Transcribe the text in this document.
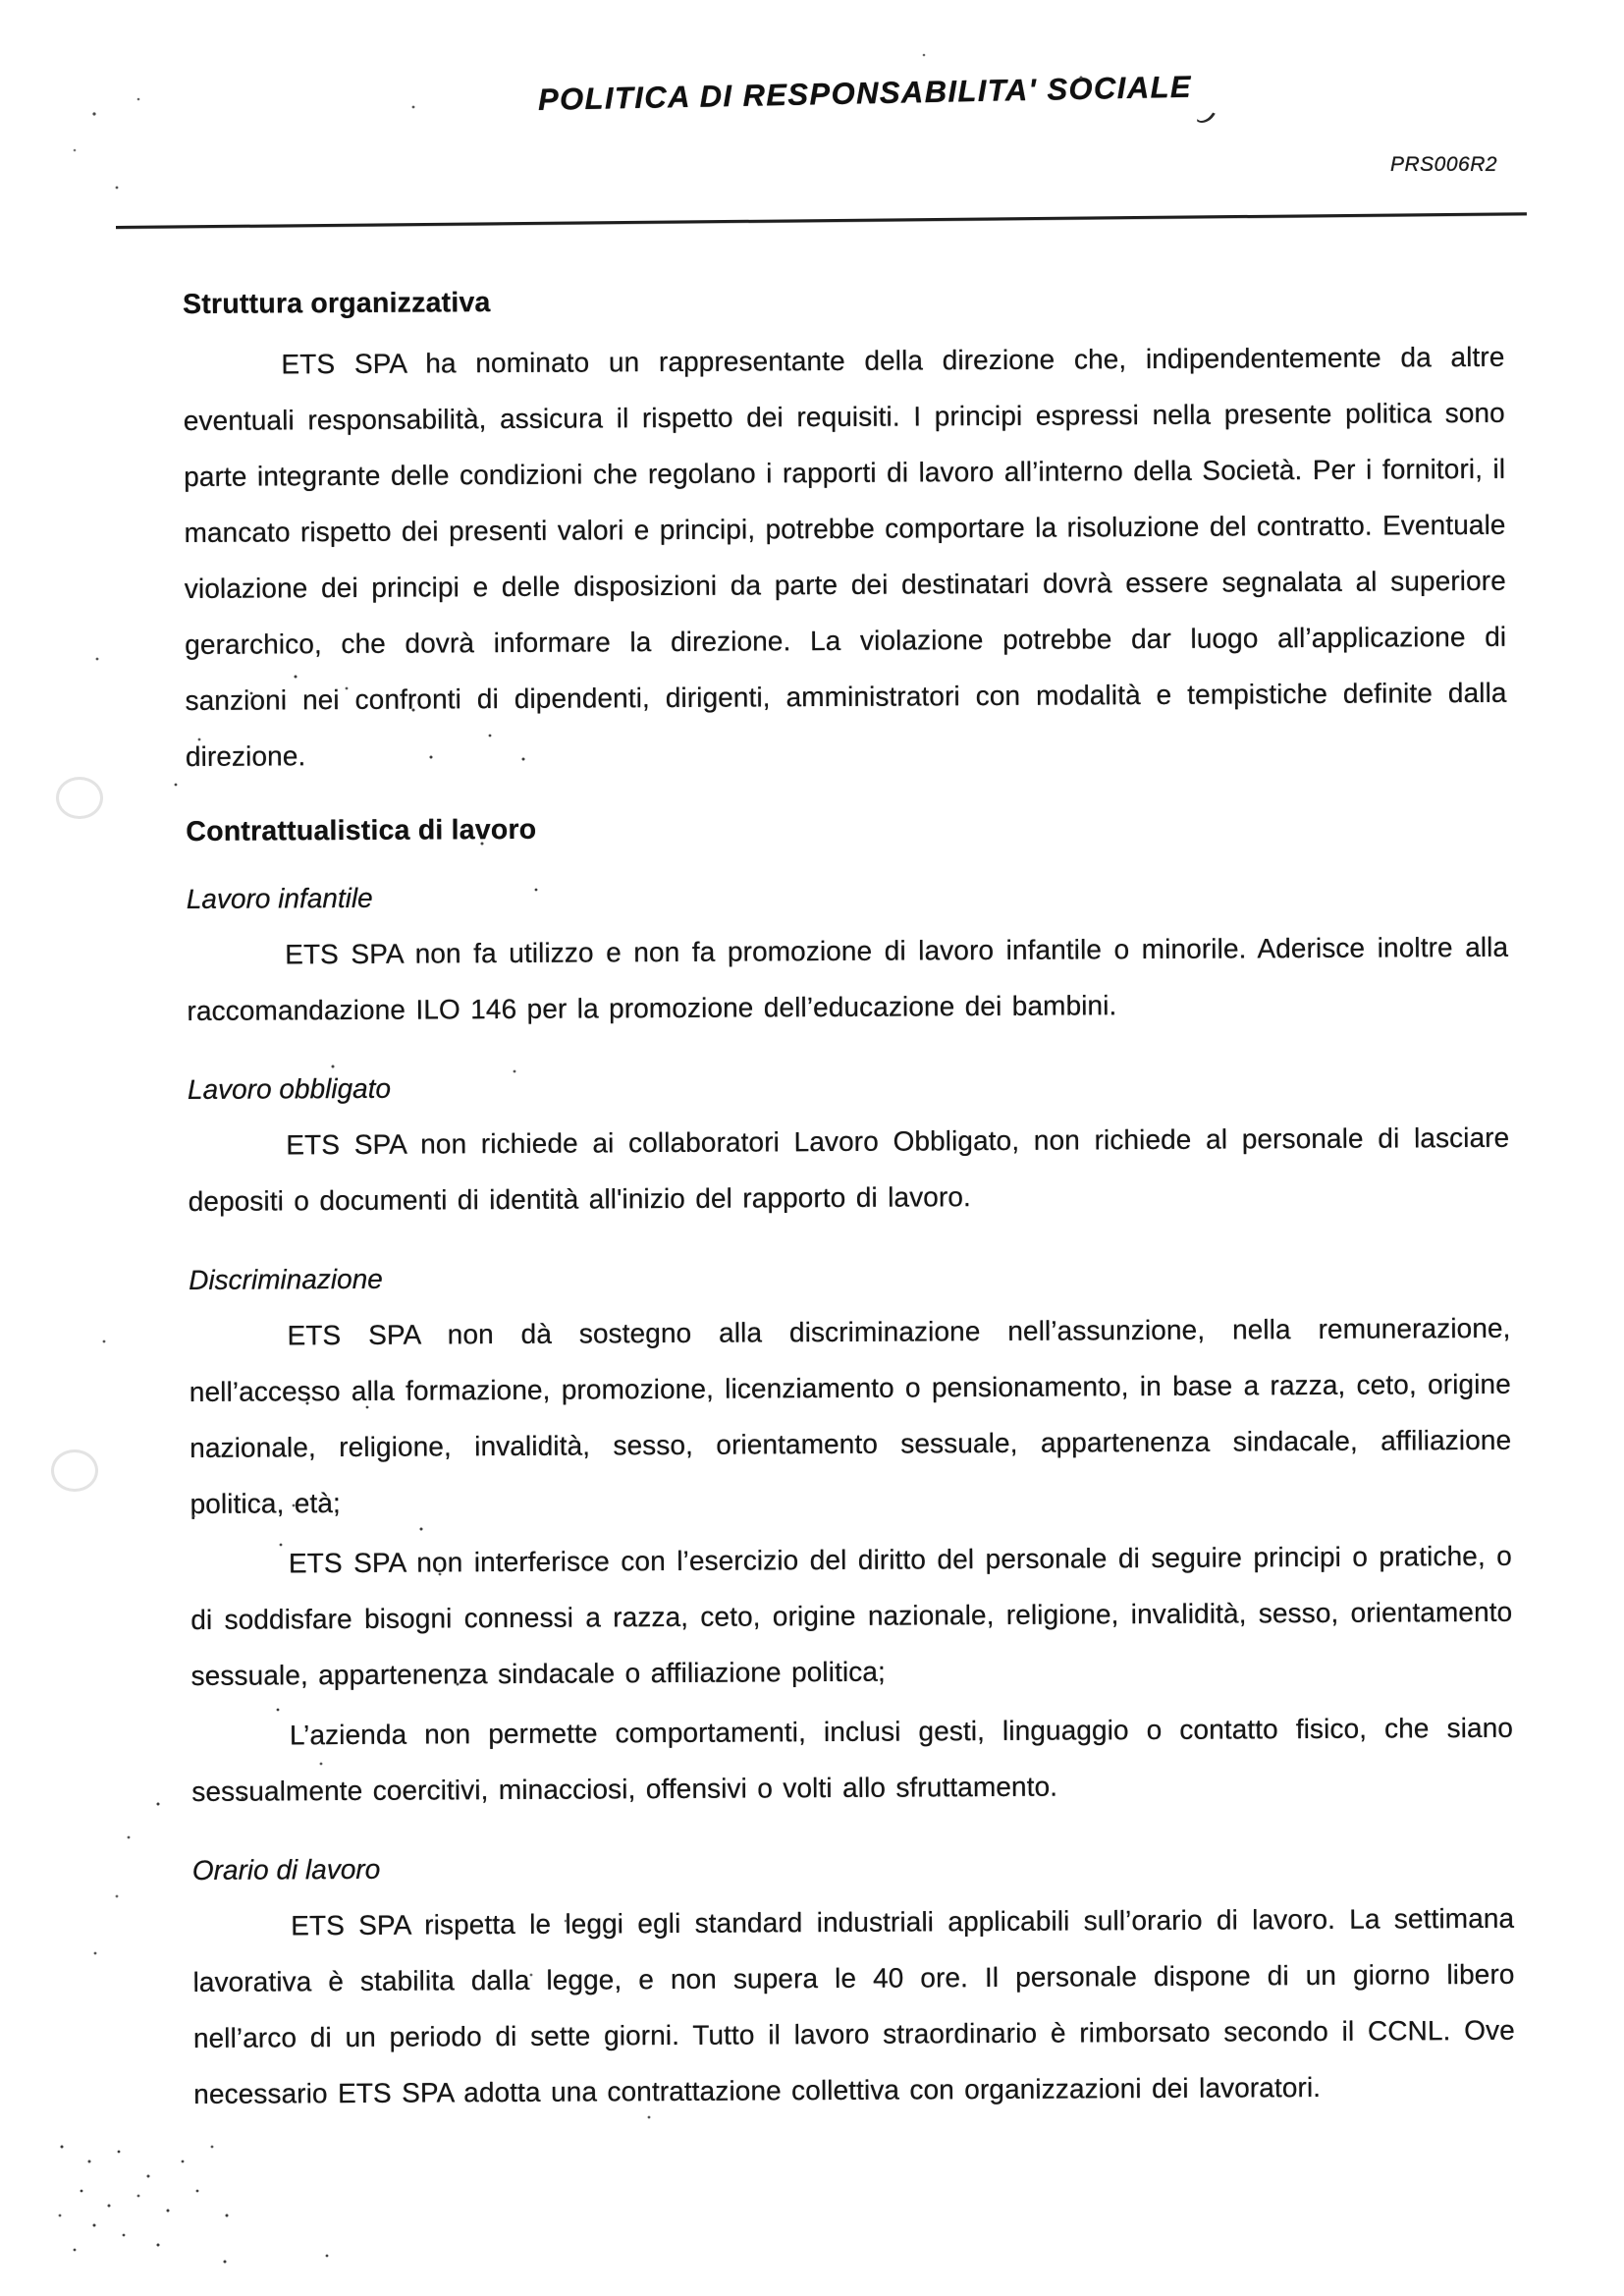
POLITICA DI RESPONSABILITA' SOCIALE
PRS006R2
Struttura organizzativa

ETS SPA ha nominato un rappresentante della direzione che, indipendentemente da altre eventuali responsabilità, assicura il rispetto dei requisiti. I principi espressi nella presente politica sono parte integrante delle condizioni che regolano i rapporti di lavoro all’interno della Società. Per i fornitori, il mancato rispetto dei presenti valori e principi, potrebbe comportare la risoluzione del contratto. Eventuale violazione dei principi e delle disposizioni da parte dei destinatari dovrà essere segnalata al superiore gerarchico, che dovrà informare la direzione. La violazione potrebbe dar luogo all’applicazione di sanzioni nei confronti di dipendenti, dirigenti, amministratori con modalità e tempistiche definite dalla direzione.

Contrattualistica di lavoro
Lavoro infantile

ETS SPA non fa utilizzo e non fa promozione di lavoro infantile o minorile. Aderisce inoltre alla raccomandazione ILO 146 per la promozione dell’educazione dei bambini.

Lavoro obbligato

ETS SPA non richiede ai collaboratori Lavoro Obbligato, non richiede al personale di lasciare depositi o documenti di identità all'inizio del rapporto di lavoro.

Discriminazione

ETS SPA non dà sostegno alla discriminazione nell’assunzione, nella remunerazione, nell’accesso alla formazione, promozione, licenziamento o pensionamento, in base a razza, ceto, origine nazionale, religione, invalidità, sesso, orientamento sessuale, appartenenza sindacale, affiliazione politica, età;

ETS SPA non interferisce con l’esercizio del diritto del personale di seguire principi o pratiche, o di soddisfare bisogni connessi a razza, ceto, origine nazionale, religione, invalidità, sesso, orientamento sessuale, appartenenza sindacale o affiliazione politica;

L’azienda non permette comportamenti, inclusi gesti, linguaggio o contatto fisico, che siano sessualmente coercitivi, minacciosi, offensivi o volti allo sfruttamento.

Orario di lavoro

ETS SPA rispetta le leggi egli standard industriali applicabili sull’orario di lavoro. La settimana lavorativa è stabilita dalla legge, e non supera le 40 ore. Il personale dispone di un giorno libero nell’arco di un periodo di sette giorni. Tutto il lavoro straordinario è rimborsato secondo il CCNL. Ove necessario ETS SPA adotta una contrattazione collettiva con organizzazioni dei lavoratori.
